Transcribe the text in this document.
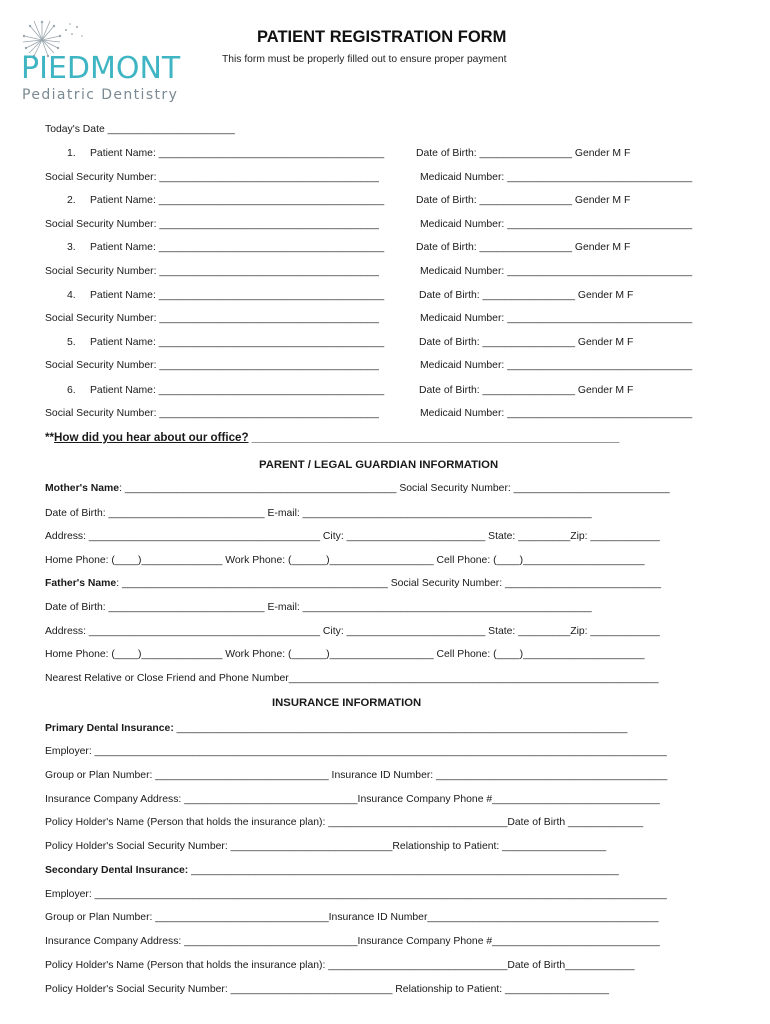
PIEDMONT
Pediatric Dentistry
PATIENT REGISTRATION FORM
This form must be properly filled out to ensure proper payment
Today's Date ______________________
1. Patient Name: _______________________________________	Date of Birth: ________________ Gender M F
Social Security Number: ______________________________________	Medicaid Number: ________________________________
2. Patient Name: _______________________________________	Date of Birth: ________________ Gender M F
Social Security Number: ______________________________________	Medicaid Number: ________________________________
3. Patient Name: _______________________________________	Date of Birth: ________________ Gender M F
Social Security Number: ______________________________________	Medicaid Number: ________________________________
4. Patient Name: _______________________________________	Date of Birth: ________________ Gender M F
Social Security Number: ______________________________________	Medicaid Number: ________________________________
5. Patient Name: _______________________________________	Date of Birth: ________________ Gender M F
Social Security Number: ______________________________________	Medicaid Number: ________________________________
6. Patient Name: _______________________________________	Date of Birth: ________________ Gender M F
Social Security Number: ______________________________________	Medicaid Number: ________________________________
**How did you hear about our office? _________________________________________________________
PARENT / LEGAL GUARDIAN INFORMATION
Mother's Name: _______________________________________________ Social Security Number: ___________________________
Date of Birth: ___________________________ E-mail: __________________________________________________
Address: ________________________________________ City: ________________________ State: _________Zip: ____________
Home Phone: (____)______________ Work Phone: (______)__________________ Cell Phone: (____)_____________________
Father's Name: ______________________________________________ Social Security Number: ___________________________
Date of Birth: ___________________________ E-mail: __________________________________________________
Address: ________________________________________ City: ________________________ State: _________Zip: ____________
Home Phone: (____)______________ Work Phone: (______)__________________ Cell Phone: (____)_____________________
Nearest Relative or Close Friend and Phone Number________________________________________________________________
INSURANCE INFORMATION
Primary Dental Insurance: ______________________________________________________________________________
Employer: ___________________________________________________________________________________________________
Group or Plan Number: ______________________________ Insurance ID Number: ________________________________________
Insurance Company Address: ______________________________Insurance Company Phone #_____________________________
Policy Holder's Name (Person that holds the insurance plan): _______________________________Date of Birth _____________
Policy Holder's Social Security Number: ____________________________Relationship to Patient: __________________
Secondary Dental Insurance: __________________________________________________________________________
Employer: ___________________________________________________________________________________________________
Group or Plan Number: ______________________________Insurance ID Number________________________________________
Insurance Company Address: ______________________________Insurance Company Phone #_____________________________
Policy Holder's Name (Person that holds the insurance plan): _______________________________Date of Birth____________
Policy Holder's Social Security Number: ____________________________ Relationship to Patient: __________________
